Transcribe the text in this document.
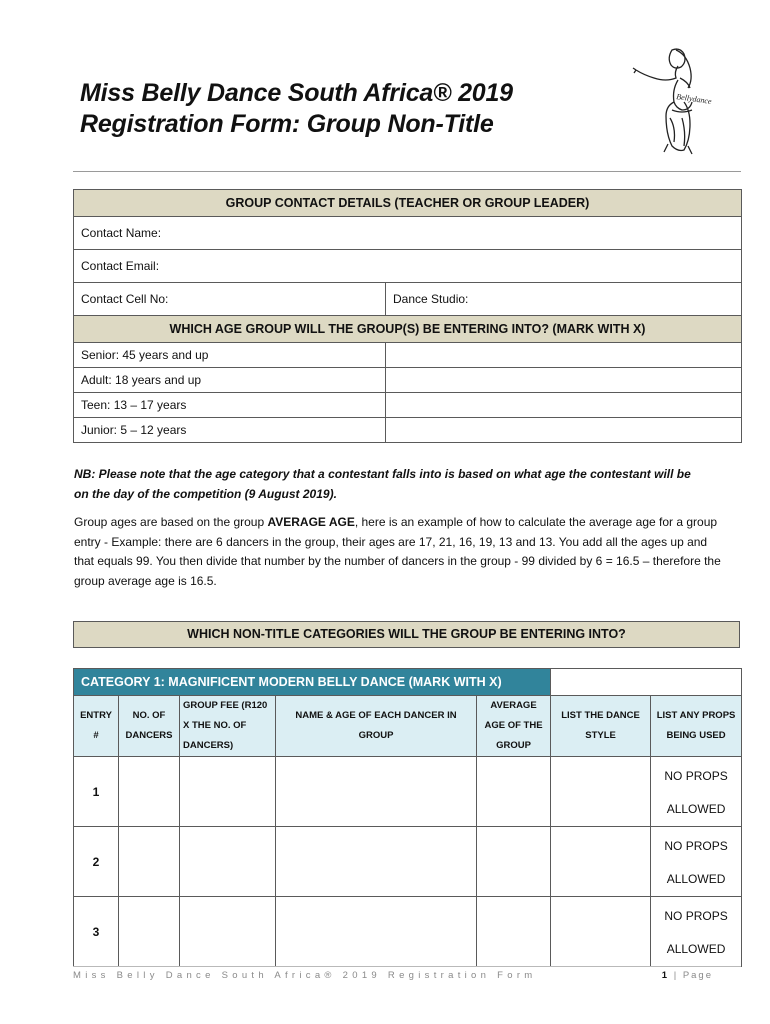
Miss Belly Dance South Africa® 2019
Registration Form: Group Non-Title
Bellydance
GROUP CONTACT DETAILS (TEACHER OR GROUP LEADER)	
Contact Name:	
Contact Email:	
Contact Cell No:	Dance Studio:
WHICH AGE GROUP WILL THE GROUP(S) BE ENTERING INTO? (MARK WITH X)	
Senior: 45 years and up	
Adult: 18 years and up	
Teen: 13 – 17 years	
Junior: 5 – 12 years	
NB: Please note that the age category that a contestant falls into is based on what age the contestant will be
on the day of the competition (9 August 2019).
Group ages are based on the group AVERAGE AGE, here is an example of how to calculate the average age for a group entry - Example: there are 6 dancers in the group, their ages are 17, 21, 16, 19, 13 and 13. You add all the ages up and that equals 99. You then divide that number by the number of dancers in the group - 99 divided by 6 = 16.5 – therefore the group average age is 16.5.
WHICH NON-TITLE CATEGORIES WILL THE GROUP BE ENTERING INTO?
CATEGORY 1: MAGNIFICENT MODERN BELLY DANCE (MARK WITH X)						
ENTRY #	NO. OF DANCERS	GROUP FEE (R120 X THE NO. OF DANCERS)	NAME & AGE OF EACH DANCER IN GROUP	AVERAGE AGE OF THE GROUP	LIST THE DANCE STYLE	LIST ANY PROPS BEING USED
1						NO PROPS
ALLOWED

2						NO PROPS
ALLOWED

3						NO PROPS
ALLOWED
Miss Belly Dance South Africa® 2019 Registration Form	1 | Page
